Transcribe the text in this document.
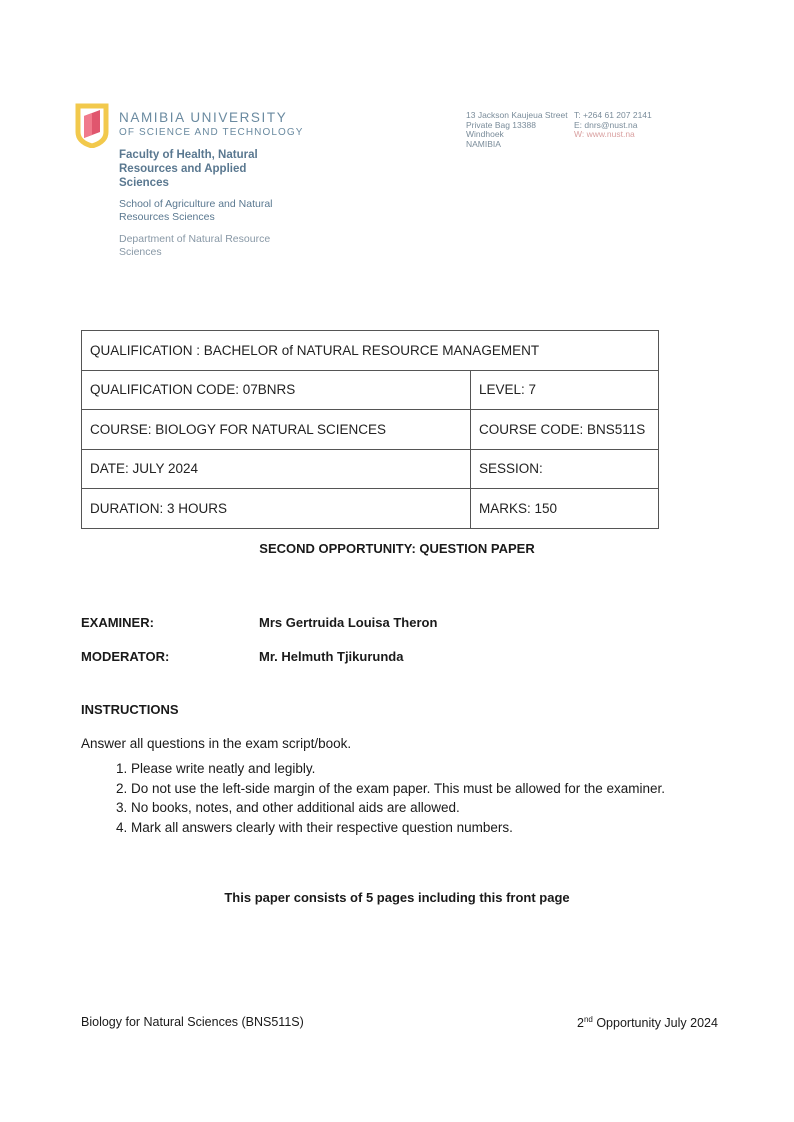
NAMIBIA UNIVERSITY
OF SCIENCE AND TECHNOLOGY
Faculty of Health, Natural Resources and Applied Sciences
School of Agriculture and Natural Resources Sciences
Department of Natural Resource Sciences
13 Jackson Kaujeua Street
Private Bag 13388
Windhoek
NAMIBIA
T: +264 61 207 2141
E: dnrs@nust.na
W: www.nust.na
QUALIFICATION : BACHELOR of NATURAL RESOURCE MANAGEMENT	
QUALIFICATION CODE: 07BNRS	LEVEL: 7
COURSE: BIOLOGY FOR NATURAL SCIENCES	COURSE CODE: BNS511S
DATE: JULY 2024	SESSION:
DURATION: 3 HOURS	MARKS: 150
SECOND OPPORTUNITY: QUESTION PAPER
EXAMINER:	Mrs Gertruida Louisa Theron
MODERATOR:	Mr. Helmuth Tjikurunda
INSTRUCTIONS
Answer all questions in the exam script/book.
1. Please write neatly and legibly.
2. Do not use the left-side margin of the exam paper. This must be allowed for the examiner.
3. No books, notes, and other additional aids are allowed.
4. Mark all answers clearly with their respective question numbers.
This paper consists of 5 pages including this front page
Biology for Natural Sciences (BNS511S)	2nd Opportunity July 2024
